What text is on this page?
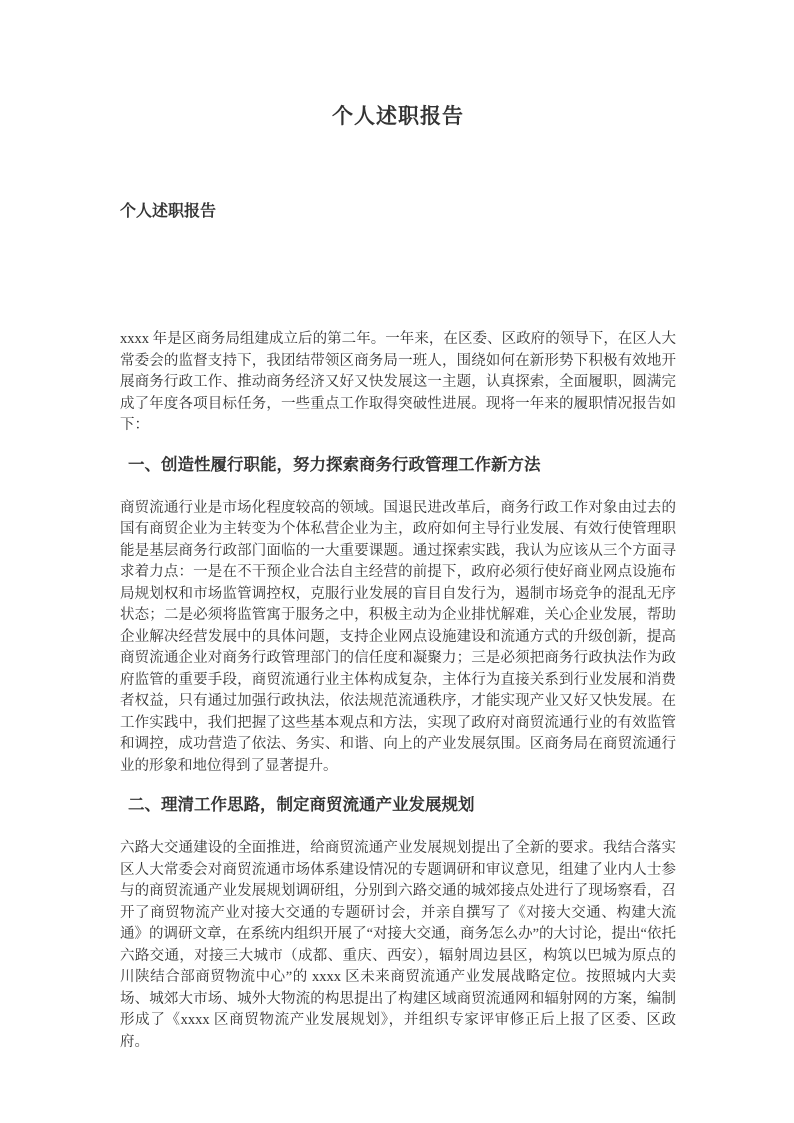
个人述职报告
个人述职报告

xxxx 年是区商务局组建成立后的第二年。一年来，在区委、区政府的领导下，在区人大常委会的监督支持下，我团结带领区商务局一班人，围绕如何在新形势下积极有效地开展商务行政工作、推动商务经济又好又快发展这一主题，认真探索，全面履职，圆满完成了年度各项目标任务，一些重点工作取得突破性进展。现将一年来的履职情况报告如下：

一、创造性履行职能，努力探索商务行政管理工作新方法

商贸流通行业是市场化程度较高的领域。国退民进改革后，商务行政工作对象由过去的国有商贸企业为主转变为个体私营企业为主，政府如何主导行业发展、有效行使管理职能是基层商务行政部门面临的一大重要课题。通过探索实践，我认为应该从三个方面寻求着力点：一是在不干预企业合法自主经营的前提下，政府必须行使好商业网点设施布局规划权和市场监管调控权，克服行业发展的盲目自发行为，遏制市场竞争的混乱无序状态；二是必须将监管寓于服务之中，积极主动为企业排忧解难，关心企业发展，帮助企业解决经营发展中的具体问题，支持企业网点设施建设和流通方式的升级创新，提高商贸流通企业对商务行政管理部门的信任度和凝聚力；三是必须把商务行政执法作为政府监管的重要手段，商贸流通行业主体构成复杂，主体行为直接关系到行业发展和消费者权益，只有通过加强行政执法，依法规范流通秩序，才能实现产业又好又快发展。在工作实践中，我们把握了这些基本观点和方法，实现了政府对商贸流通行业的有效监管和调控，成功营造了依法、务实、和谐、向上的产业发展氛围。区商务局在商贸流通行业的形象和地位得到了显著提升。

二、理清工作思路，制定商贸流通产业发展规划

六路大交通建设的全面推进，给商贸流通产业发展规划提出了全新的要求。我结合落实区人大常委会对商贸流通市场体系建设情况的专题调研和审议意见，组建了业内人士参与的商贸流通产业发展规划调研组，分别到六路交通的城郊接点处进行了现场察看，召开了商贸物流产业对接大交通的专题研讨会，并亲自撰写了《对接大交通、构建大流通》的调研文章，在系统内组织开展了“对接大交通，商务怎么办”的大讨论，提出“依托六路交通，对接三大城市（成都、重庆、西安），辐射周边县区，构筑以巴城为原点的川陕结合部商贸物流中心”的 xxxx 区未来商贸流通产业发展战略定位。按照城内大卖场、城郊大市场、城外大物流的构思提出了构建区域商贸流通网和辐射网的方案，编制形成了《xxxx 区商贸物流产业发展规划》，并组织专家评审修正后上报了区委、区政府。
